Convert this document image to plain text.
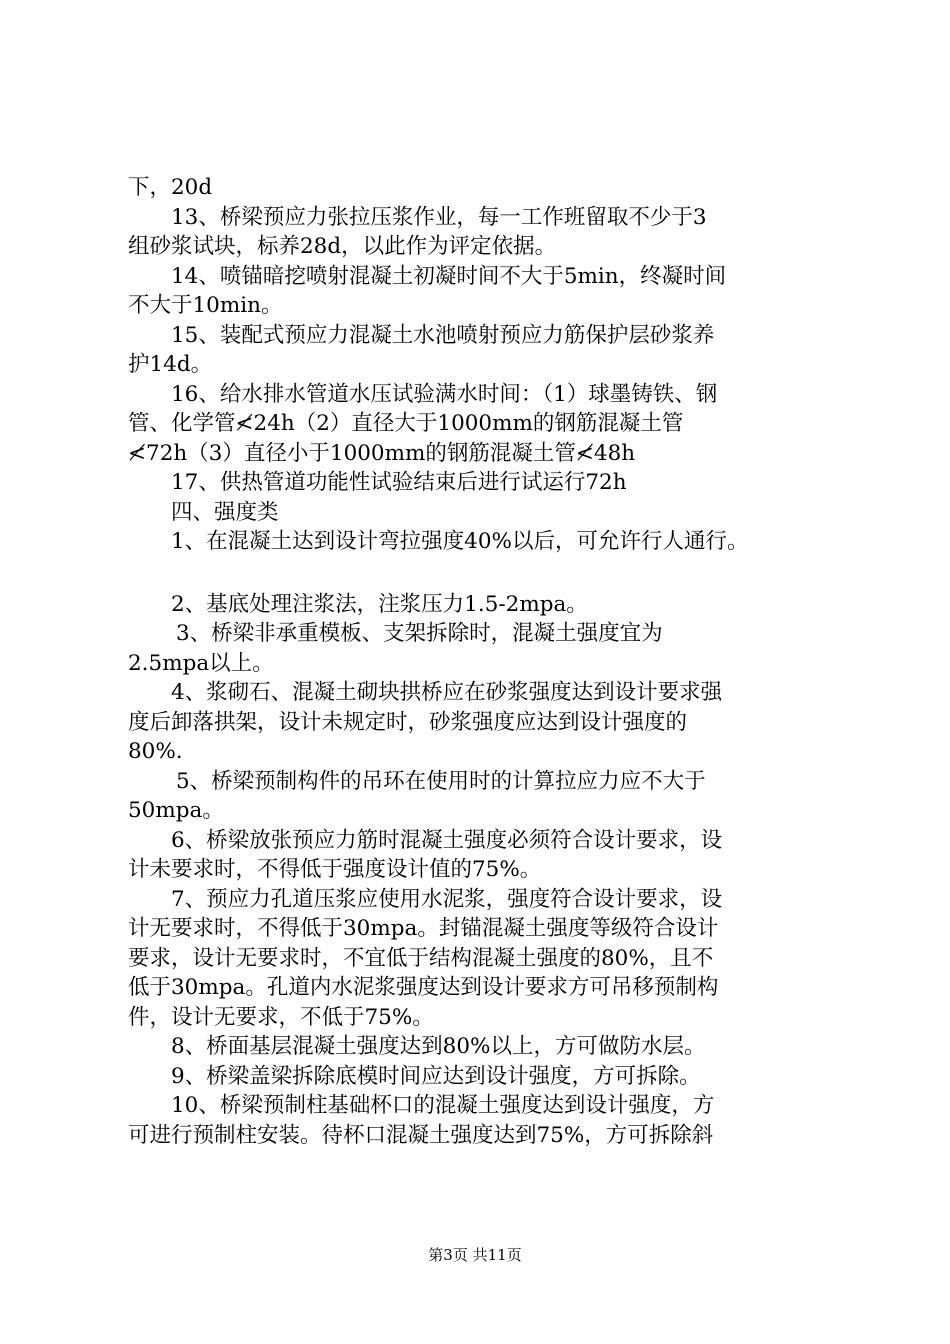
下，20d

13、桥梁预应力张拉压浆作业，每一工作班留取不少于3

组砂浆试块，标养28d，以此作为评定依据。

14、喷锚暗挖喷射混凝土初凝时间不大于5min，终凝时间

不大于10min。

15、装配式预应力混凝土水池喷射预应力筋保护层砂浆养

护14d。

16、给水排水管道水压试验满水时间：（1）球墨铸铁、钢

管、化学管≮24h（2）直径大于1000mm的钢筋混凝土管

≮72h（3）直径小于1000mm的钢筋混凝土管≮48h

17、供热管道功能性试验结束后进行试运行72h

四、强度类

1、在混凝土达到设计弯拉强度40%以后，可允许行人通行。

2、基底处理注浆法，注浆压力1.5-2mpa。

3、桥梁非承重模板、支架拆除时，混凝土强度宜为

2.5mpa以上。

4、浆砌石、混凝土砌块拱桥应在砂浆强度达到设计要求强

度后卸落拱架，设计未规定时，砂浆强度应达到设计强度的

80%.

5、桥梁预制构件的吊环在使用时的计算拉应力应不大于

50mpa。

6、桥梁放张预应力筋时混凝土强度必须符合设计要求，设

计未要求时，不得低于强度设计值的75%。

7、预应力孔道压浆应使用水泥浆，强度符合设计要求，设

计无要求时，不得低于30mpa。封锚混凝土强度等级符合设计

要求，设计无要求时，不宜低于结构混凝土强度的80%，且不

低于30mpa。孔道内水泥浆强度达到设计要求方可吊移预制构

件，设计无要求，不低于75%。

8、桥面基层混凝土强度达到80%以上，方可做防水层。

9、桥梁盖梁拆除底模时间应达到设计强度，方可拆除。

10、桥梁预制柱基础杯口的混凝土强度达到设计强度，方

可进行预制柱安装。待杯口混凝土强度达到75%，方可拆除斜

第3页 共11页
